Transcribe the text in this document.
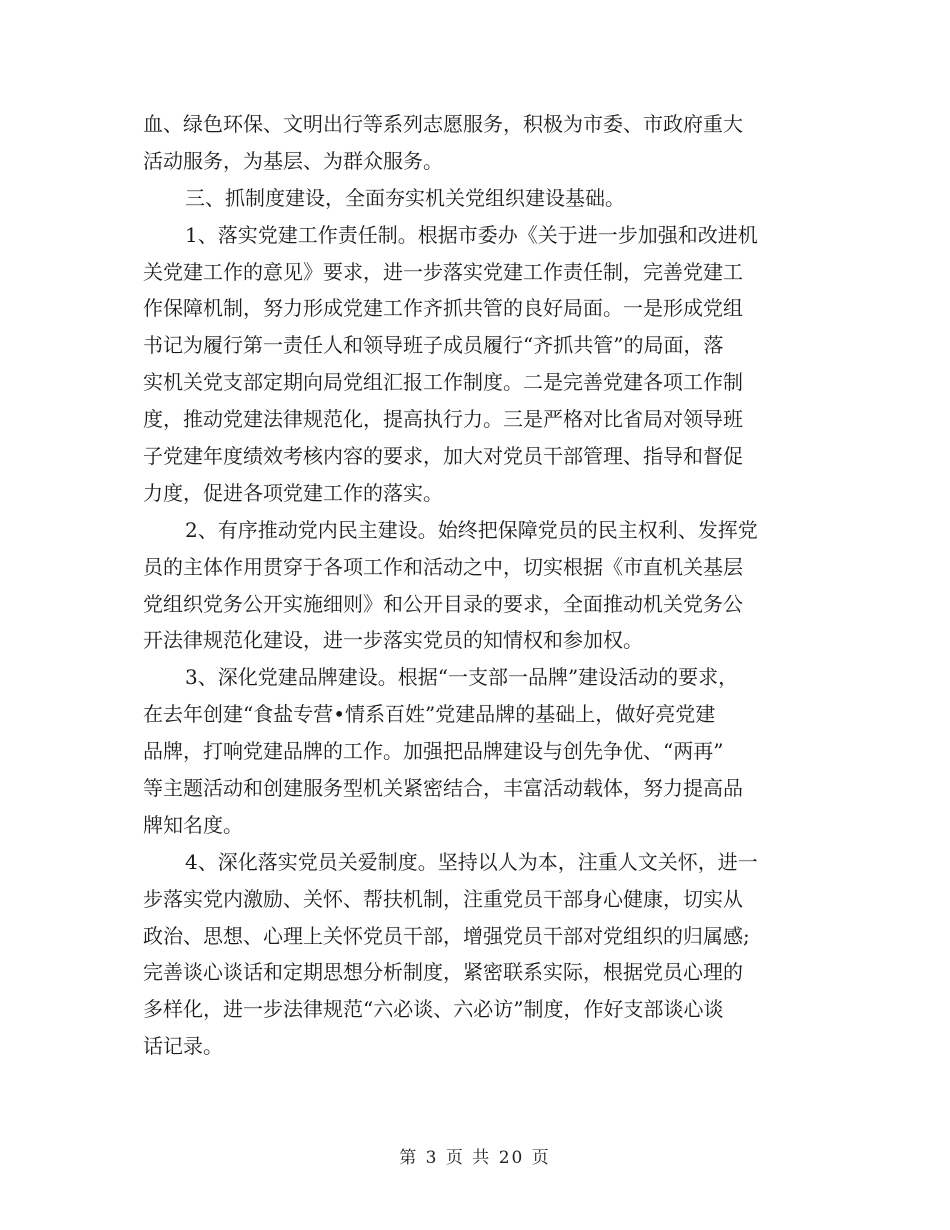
血、绿色环保、文明出行等系列志愿服务，积极为市委、市政府重大
活动服务，为基层、为群众服务。
三、抓制度建设，全面夯实机关党组织建设基础。
1、落实党建工作责任制。根据市委办《关于进一步加强和改进机
关党建工作的意见》要求，进一步落实党建工作责任制，完善党建工
作保障机制，努力形成党建工作齐抓共管的良好局面。一是形成党组
书记为履行第一责任人和领导班子成员履行“齐抓共管”的局面，落
实机关党支部定期向局党组汇报工作制度。二是完善党建各项工作制
度，推动党建法律规范化，提高执行力。三是严格对比省局对领导班
子党建年度绩效考核内容的要求，加大对党员干部管理、指导和督促
力度，促进各项党建工作的落实。
2、有序推动党内民主建设。始终把保障党员的民主权利、发挥党
员的主体作用贯穿于各项工作和活动之中，切实根据《市直机关基层
党组织党务公开实施细则》和公开目录的要求，全面推动机关党务公
开法律规范化建设，进一步落实党员的知情权和参加权。
3、深化党建品牌建设。根据“一支部一品牌”建设活动的要求，
在去年创建“食盐专营•情系百姓”党建品牌的基础上，做好亮党建
品牌，打响党建品牌的工作。加强把品牌建设与创先争优、“两再”
等主题活动和创建服务型机关紧密结合，丰富活动载体，努力提高品
牌知名度。
4、深化落实党员关爱制度。坚持以人为本，注重人文关怀，进一
步落实党内激励、关怀、帮扶机制，注重党员干部身心健康，切实从
政治、思想、心理上关怀党员干部，增强党员干部对党组织的归属感;
完善谈心谈话和定期思想分析制度，紧密联系实际，根据党员心理的
多样化，进一步法律规范“六必谈、六必访”制度，作好支部谈心谈
话记录。
第 3 页 共 20 页
